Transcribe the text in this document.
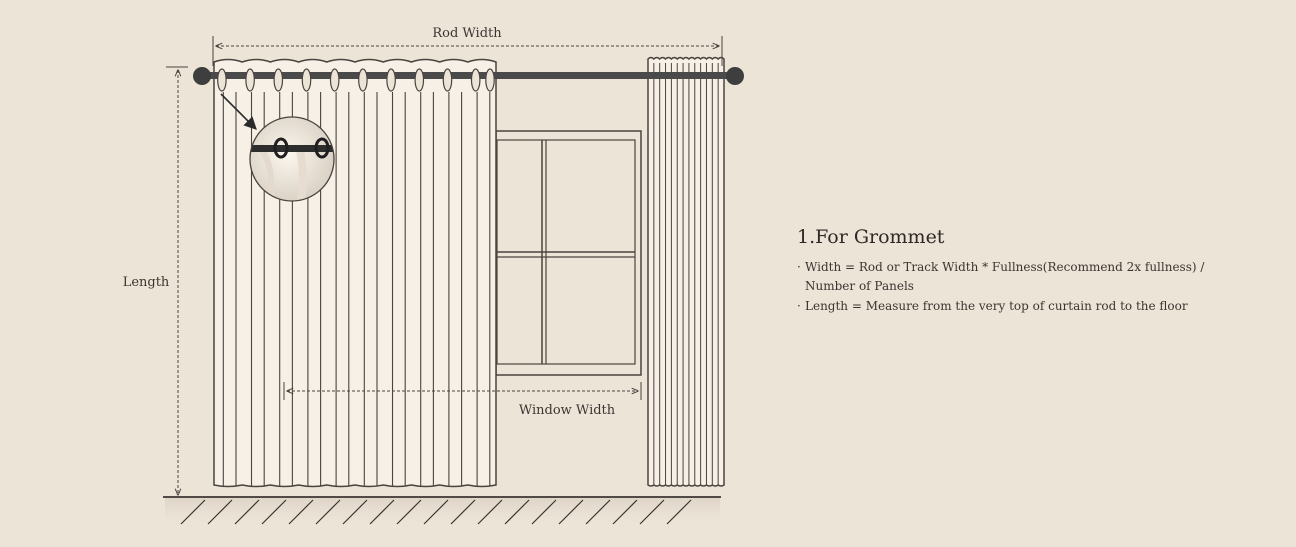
Rod Width
Length
Window Width
1.For Grommet
· Width = Rod or Track Width * Fullness(Recommend 2x fullness) / Number of Panels
· Length = Measure from the very top of curtain rod to the floor
